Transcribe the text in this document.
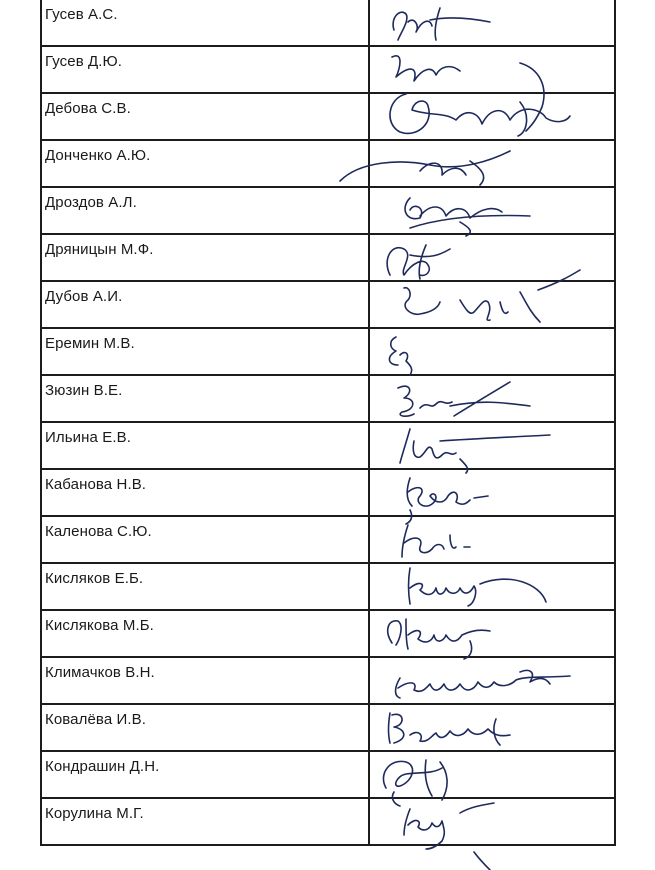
Гусев А.С.

Гусев Д.Ю.

Дебова С.В.

Донченко А.Ю.

Дроздов А.Л.

Дряницын М.Ф.

Дубов А.И.

Еремин М.В.

Зюзин В.Е.

Ильина Е.В.

Кабанова Н.В.

Каленова С.Ю.

Кисляков Е.Б.

Кислякова М.Б.

Климачков В.Н.

Ковалёва И.В.

Кондрашин Д.Н.

Корулина М.Г.
